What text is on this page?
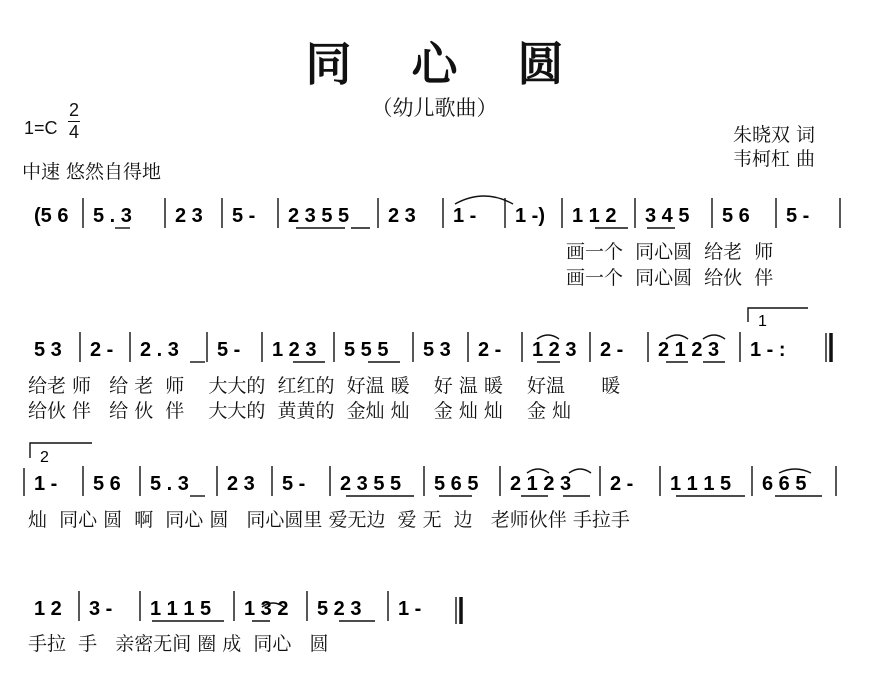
同 心 圆
（幼儿歌曲）
1=C
2
4
中速 悠然自得地
朱晓双 词
韦柯杠 曲
(5 6 5 . 3 2 3 5 - 2 3 5 5 2 3 1 - 1 -) 1 1 2 3 4 5 5 6 5 -
5 3 2 - 2 . 3 5 - 1 2 3 5 5 5 5 3 2 - 1 2 3 2 - 2 1 2 3 1 - :
1 - 5 6 5 . 3 2 3 5 - 2 3 5 5 5 6 5 2 1 2 3 2 - 1 1 1 5 6 6 5
1 2 3 - 1 1 1 5 1 3 2 5 2 3 1 -
1
2
画一个  同心圆  给老  师
画一个  同心圆  给伙  伴
给老 师   给 老  师    大大的  红红的  好温 暖    好 温 暖    好温      暖
给伙 伴   给 伙  伴    大大的  黄黄的  金灿 灿    金 灿 灿    金 灿
灿  同心 圆  啊  同心 圆   同心圆里 爱无边  爱 无  边   老师伙伴 手拉手
手拉  手   亲密无间 圈 成  同心   圆
